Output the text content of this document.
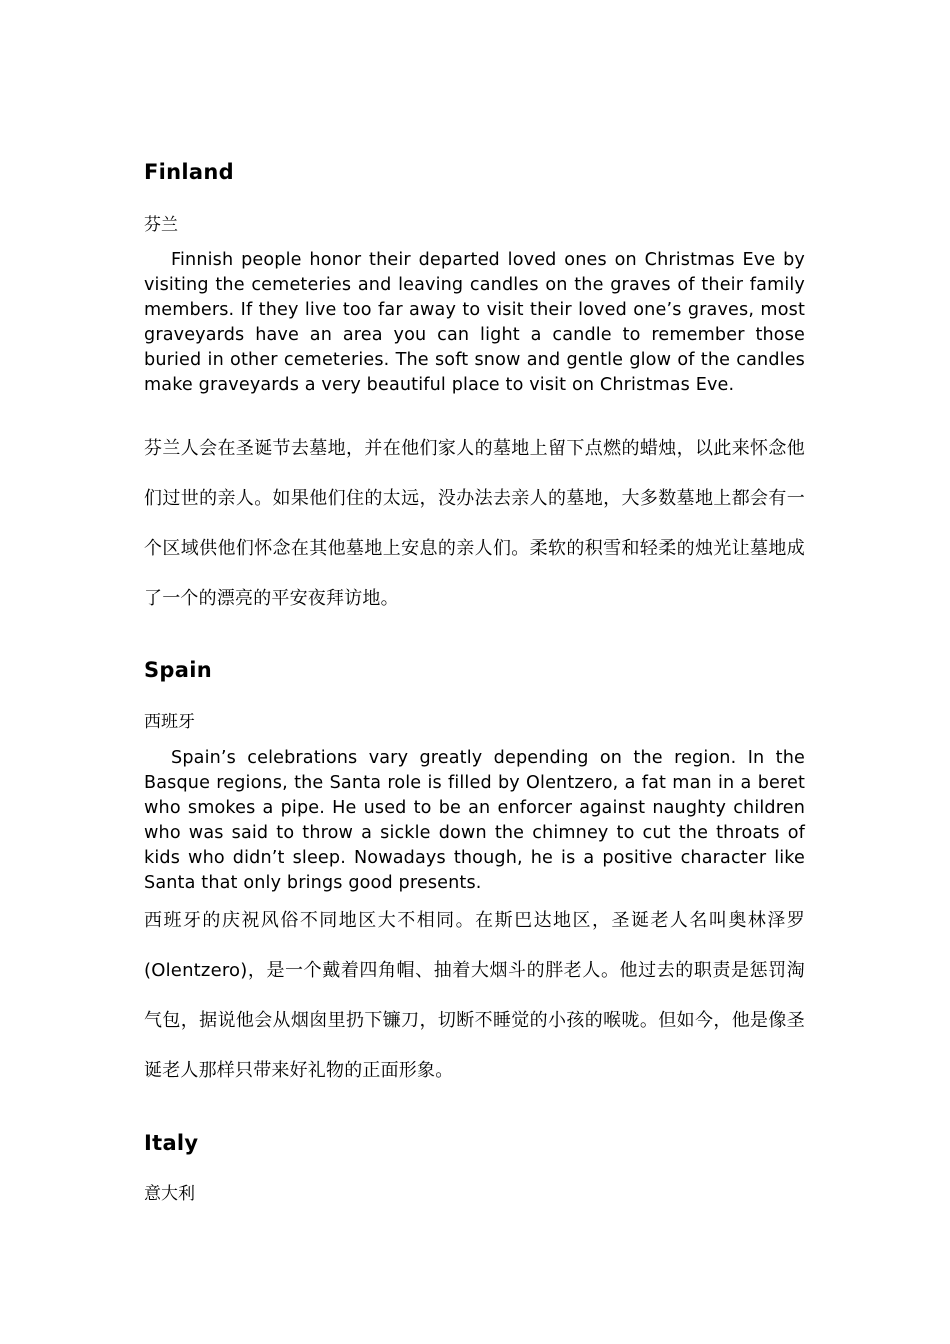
Finland

芬兰

Finnish people honor their departed loved ones on Christmas Eve by visiting the cemeteries and leaving candles on the graves of their family members. If they live too far away to visit their loved one’s graves, most graveyards have an area you can light a candle to remember those buried in other cemeteries. The soft snow and gentle glow of the candles make graveyards a very beautiful place to visit on Christmas Eve.

芬兰人会在圣诞节去墓地，并在他们家人的墓地上留下点燃的蜡烛，以此来怀念他们过世的亲人。如果他们住的太远，没办法去亲人的墓地，大多数墓地上都会有一个区域供他们怀念在其他墓地上安息的亲人们。柔软的积雪和轻柔的烛光让墓地成了一个的漂亮的平安夜拜访地。

Spain

西班牙

Spain’s celebrations vary greatly depending on the region. In the Basque regions, the Santa role is filled by Olentzero, a fat man in a beret who smokes a pipe. He used to be an enforcer against naughty children who was said to throw a sickle down the chimney to cut the throats of kids who didn’t sleep. Nowadays though, he is a positive character like Santa that only brings good presents.

西班牙的庆祝风俗不同地区大不相同。在斯巴达地区，圣诞老人名叫奥林泽罗(Olentzero)，是一个戴着四角帽、抽着大烟斗的胖老人。他过去的职责是惩罚淘气包，据说他会从烟囱里扔下镰刀，切断不睡觉的小孩的喉咙。但如今，他是像圣诞老人那样只带来好礼物的正面形象。

Italy

意大利
